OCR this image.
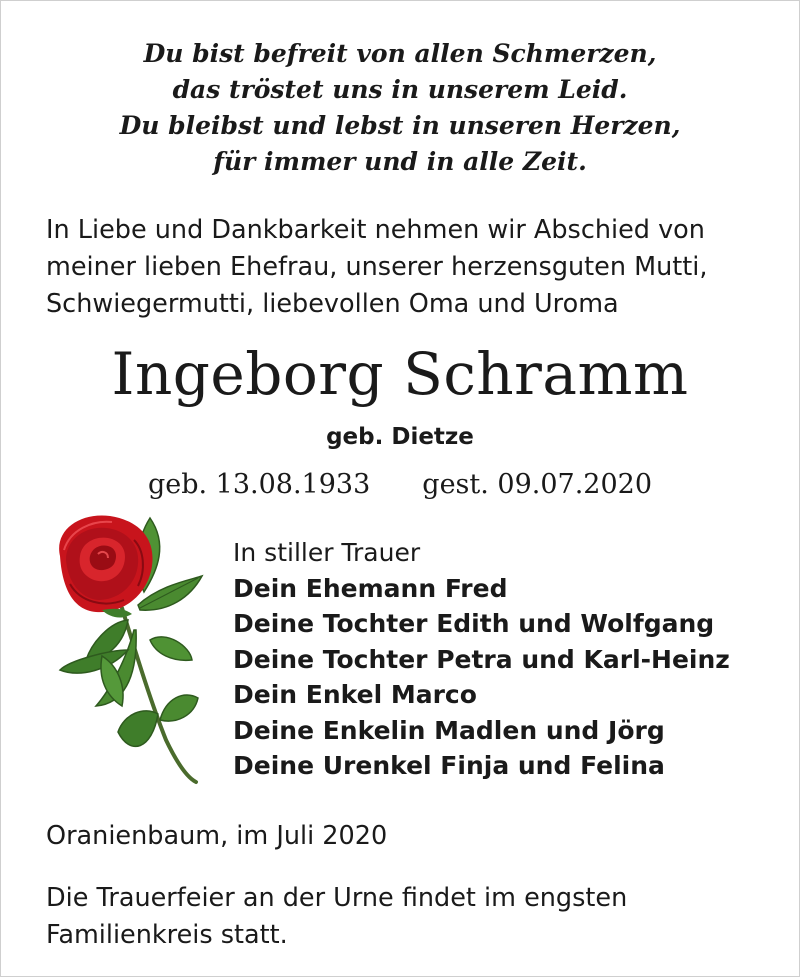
Du bist befreit von allen Schmerzen,
das tröstet uns in unserem Leid.
Du bleibst und lebst in unseren Herzen,
für immer und in alle Zeit.
In Liebe und Dankbarkeit nehmen wir Abschied von
meiner lieben Ehefrau, unserer herzensguten Mutti,
Schwiegermutti, liebevollen Oma und Uroma
Ingeborg Schramm
geb. Dietze
geb. 13.08.1933 gest. 09.07.2020
In stiller Trauer
Dein Ehemann Fred
Deine Tochter Edith und Wolfgang
Deine Tochter Petra und Karl-Heinz
Dein Enkel Marco
Deine Enkelin Madlen und Jörg
Deine Urenkel Finja und Felina
Oranienbaum, im Juli 2020
Die Trauerfeier an der Urne findet im engsten
Familienkreis statt.
